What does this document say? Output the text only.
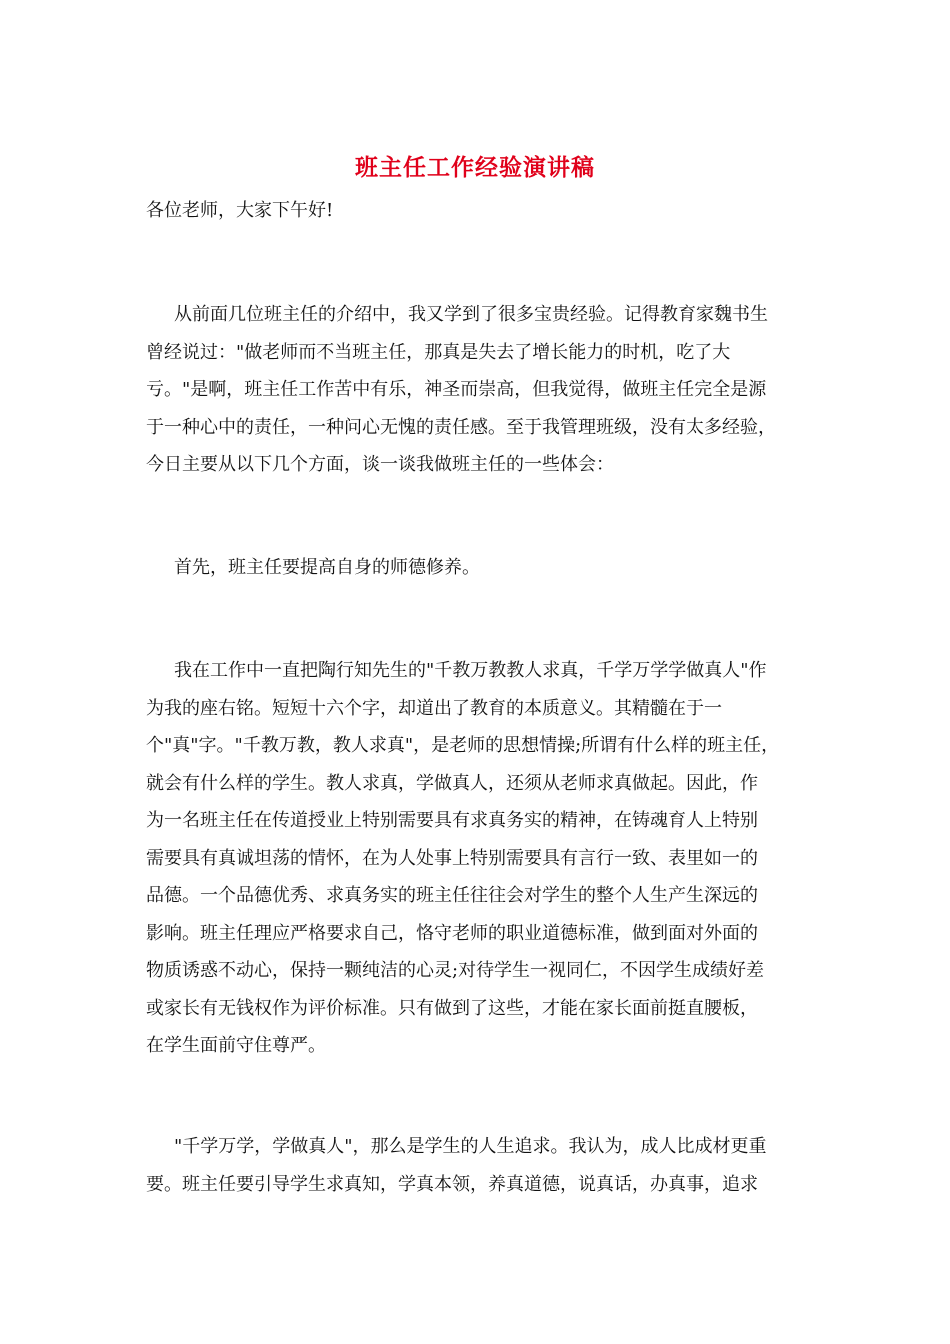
班主任工作经验演讲稿

各位老师，大家下午好!

从前面几位班主任的介绍中，我又学到了很多宝贵经验。记得教育家魏书生
曾经说过："做老师而不当班主任，那真是失去了增长能力的时机，吃了大
亏。"是啊，班主任工作苦中有乐，神圣而崇高，但我觉得，做班主任完全是源
于一种心中的责任，一种问心无愧的责任感。至于我管理班级，没有太多经验，
今日主要从以下几个方面，谈一谈我做班主任的一些体会：

首先，班主任要提高自身的师德修养。

我在工作中一直把陶行知先生的"千教万教教人求真，千学万学学做真人"作
为我的座右铭。短短十六个字，却道出了教育的本质意义。其精髓在于一
个"真"字。"千教万教，教人求真"，是老师的思想情操;所谓有什么样的班主任，
就会有什么样的学生。教人求真，学做真人，还须从老师求真做起。因此，作
为一名班主任在传道授业上特别需要具有求真务实的精神，在铸魂育人上特别
需要具有真诚坦荡的情怀，在为人处事上特别需要具有言行一致、表里如一的
品德。一个品德优秀、求真务实的班主任往往会对学生的整个人生产生深远的
影响。班主任理应严格要求自己，恪守老师的职业道德标准，做到面对外面的
物质诱惑不动心，保持一颗纯洁的心灵;对待学生一视同仁，不因学生成绩好差
或家长有无钱权作为评价标准。只有做到了这些，才能在家长面前挺直腰板，
在学生面前守住尊严。

"千学万学，学做真人"，那么是学生的人生追求。我认为，成人比成材更重
要。班主任要引导学生求真知，学真本领，养真道德，说真话，办真事，追求
